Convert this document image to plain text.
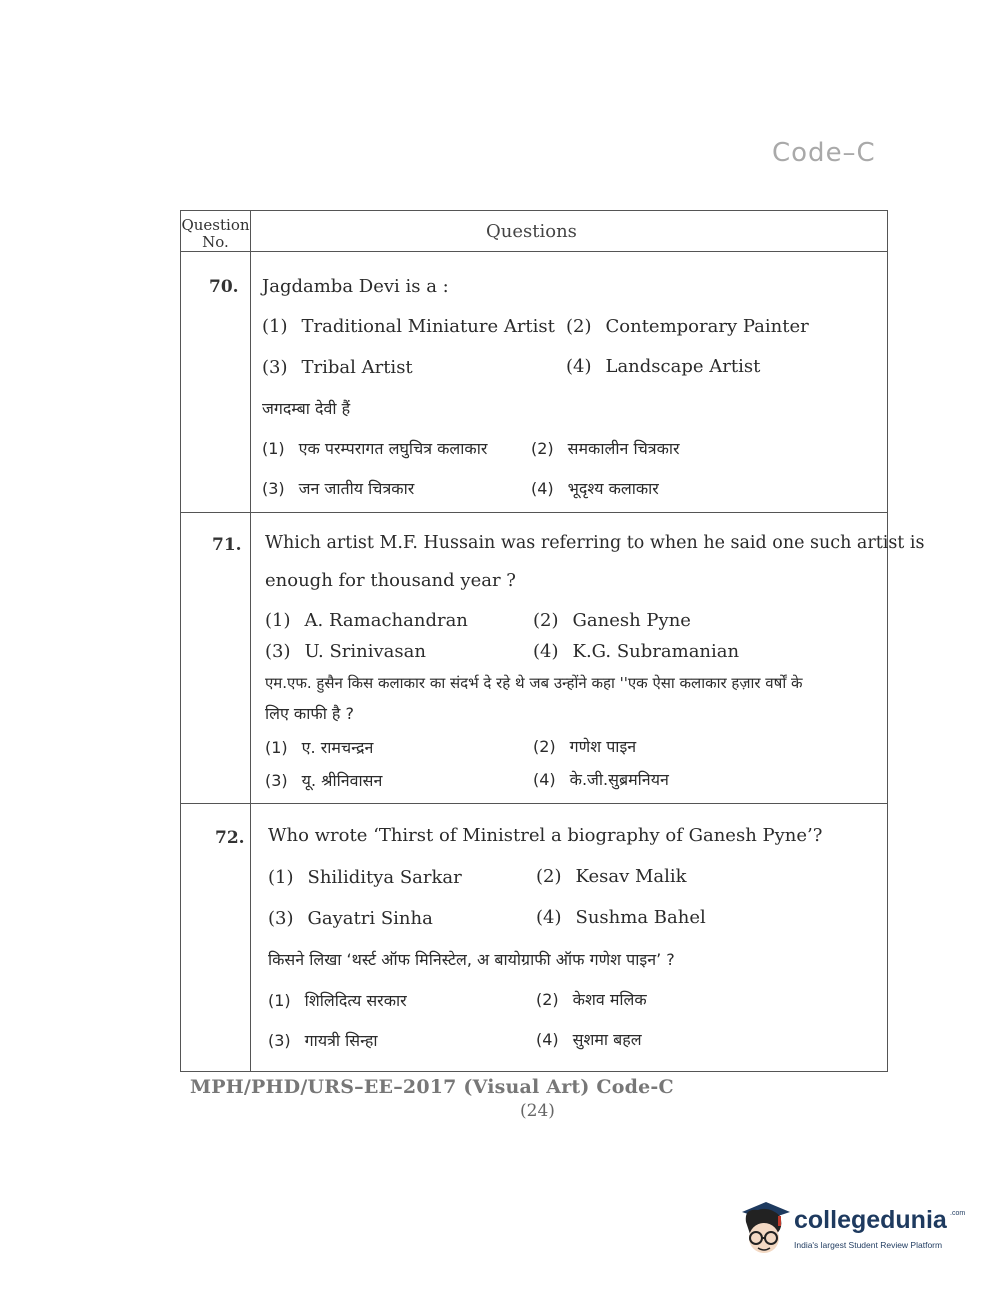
Code–C
Question No.	Questions
70. Jagdamba Devi is a :
(1) Traditional Miniature Artist (2) Contemporary Painter
(3) Tribal Artist	(4) Landscape Artist
जगदम्बा देवी हैं
(1) एक परम्परागत लघुचित्र कलाकार	(2) समकालीन चित्रकार
(3) जन जातीय चित्रकार	(4) भूदृश्य कलाकार
71. Which artist M.F. Hussain was referring to when he said one such artist is
enough for thousand year ?
(1) A. Ramachandran	(2) Ganesh Pyne
(3) U. Srinivasan	(4) K.G. Subramanian
एम.एफ. हुसैन किस कलाकार का संदर्भ दे रहे थे जब उन्होंने कहा ''एक ऐसा कलाकार हज़ार वर्षों के
लिए काफी है ?
(1) ए. रामचन्द्रन	(2) गणेश पाइन
(3) यू. श्रीनिवासन	(4) के.जी.सुब्रमनियन
72. Who wrote ‘Thirst of Ministrel a biography of Ganesh Pyne’?
(1) Shiliditya Sarkar	(2) Kesav Malik
(3) Gayatri Sinha	(4) Sushma Bahel
किसने लिखा ‘थर्स्ट ऑफ मिनिस्टेल, अ बायोग्राफी ऑफ गणेश पाइन’ ?
(1) शिलिदित्य सरकार	(2) केशव मलिक
(3) गायत्री सिन्हा	(4) सुशमा बहल
MPH/PHD/URS–EE–2017 (Visual Art) Code-C
(24)
collegedunia .com
India's largest Student Review Platform
